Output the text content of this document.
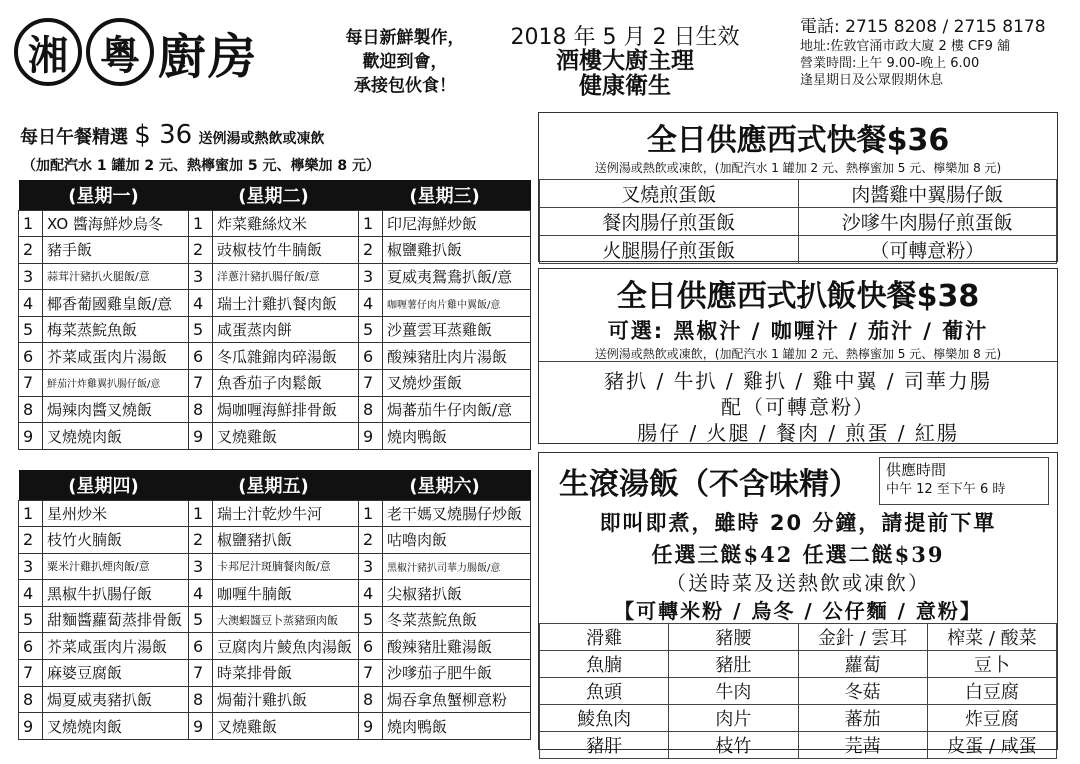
湘 粵 廚房	每日新鮮製作，
歡迎到會，
承接包伙食！
2018 年 5 月 2 日生效
酒樓大廚主理
健康衛生
電話: 2715 8208 / 2715 8178
地址:佐敦官涌市政大廈 2 樓 CF9 舖
營業時間:上午 9.00-晚上 6.00
逢星期日及公眾假期休息
每日午餐精選 $ 36 送例湯或熱飲或凍飲
（加配汽水 1 罐加 2 元、熱檸蜜加 5 元、檸樂加 8 元）
(星期一)		(星期二)		(星期三)	
1	XO 醬海鮮炒烏冬	1	炸菜雞絲炆米	1	印尼海鮮炒飯
2	豬手飯	2	豉椒枝竹牛腩飯	2	椒鹽雞扒飯
3	蒜茸汁豬扒火腿飯/意	3	洋蔥汁豬扒腸仔飯/意	3	夏威夷鴛鴦扒飯/意
4	椰香葡國雞皇飯/意	4	瑞士汁雞扒餐肉飯	4	咖喱薯仔肉片雞中翼飯/意
5	梅菜蒸鯇魚飯	5	咸蛋蒸肉餅	5	沙薑雲耳蒸雞飯
6	芥菜咸蛋肉片湯飯	6	冬瓜雜錦肉碎湯飯	6	酸辣豬肚肉片湯飯
7	鮮茄汁炸雞翼扒腸仔飯/意	7	魚香茄子肉鬆飯	7	叉燒炒蛋飯
8	焗辣肉醬叉燒飯	8	焗咖喱海鮮排骨飯	8	焗蕃茄牛仔肉飯/意
9	叉燒燒肉飯	9	叉燒雞飯	9	燒肉鴨飯
(星期四)		(星期五)		(星期六)	
1	星州炒米	1	瑞士汁乾炒牛河	1	老干媽叉燒腸仔炒飯
2	枝竹火腩飯	2	椒鹽豬扒飯	2	咕嚕肉飯
3	粟米汁雞扒煙肉飯/意	3	卡邦尼汁斑腩餐肉飯/意	3	黑椒汁豬扒司華力腸飯/意
4	黑椒牛扒腸仔飯	4	咖喱牛腩飯	4	尖椒豬扒飯
5	甜麵醬蘿蔔蒸排骨飯	5	大澳蝦醬豆卜蒸豬頸肉飯	5	冬菜蒸鯇魚飯
6	芥菜咸蛋肉片湯飯	6	豆腐肉片鯪魚肉湯飯	6	酸辣豬肚雞湯飯
7	麻婆豆腐飯	7	時菜排骨飯	7	沙嗲茄子肥牛飯
8	焗夏威夷豬扒飯	8	焗葡汁雞扒飯	8	焗吞拿魚蟹柳意粉
9	叉燒燒肉飯	9	叉燒雞飯	9	燒肉鴨飯
全日供應西式快餐$36
送例湯或熱飲或凍飲，(加配汽水 1 罐加 2 元、熱檸蜜加 5 元、檸樂加 8 元)
叉燒煎蛋飯	肉醬雞中翼腸仔飯
餐肉腸仔煎蛋飯	沙嗲牛肉腸仔煎蛋飯
火腿腸仔煎蛋飯	（可轉意粉）
全日供應西式扒飯快餐$38
可選: 黑椒汁 / 咖喱汁 / 茄汁 / 葡汁
送例湯或熱飲或凍飲，(加配汽水 1 罐加 2 元、熱檸蜜加 5 元、檸樂加 8 元)
豬扒 / 牛扒 / 雞扒 / 雞中翼 / 司華力腸
配（可轉意粉）
腸仔 / 火腿 / 餐肉 / 煎蛋 / 紅腸
生滾湯飯（不含味精）	供應時間
中午 12 至下午 6 時
即叫即煮，雖時 20 分鐘，請提前下單
任選三餸$42 任選二餸$39
（送時菜及送熱飲或凍飲）
【可轉米粉 / 烏冬 / 公仔麵 / 意粉】
滑雞	豬腰	金針 / 雲耳	榨菜 / 酸菜
魚腩	豬肚	蘿蔔	豆卜
魚頭	牛肉	冬菇	白豆腐
鯪魚肉	肉片	蕃茄	炸豆腐
豬肝	枝竹	芫茜	皮蛋 / 咸蛋
